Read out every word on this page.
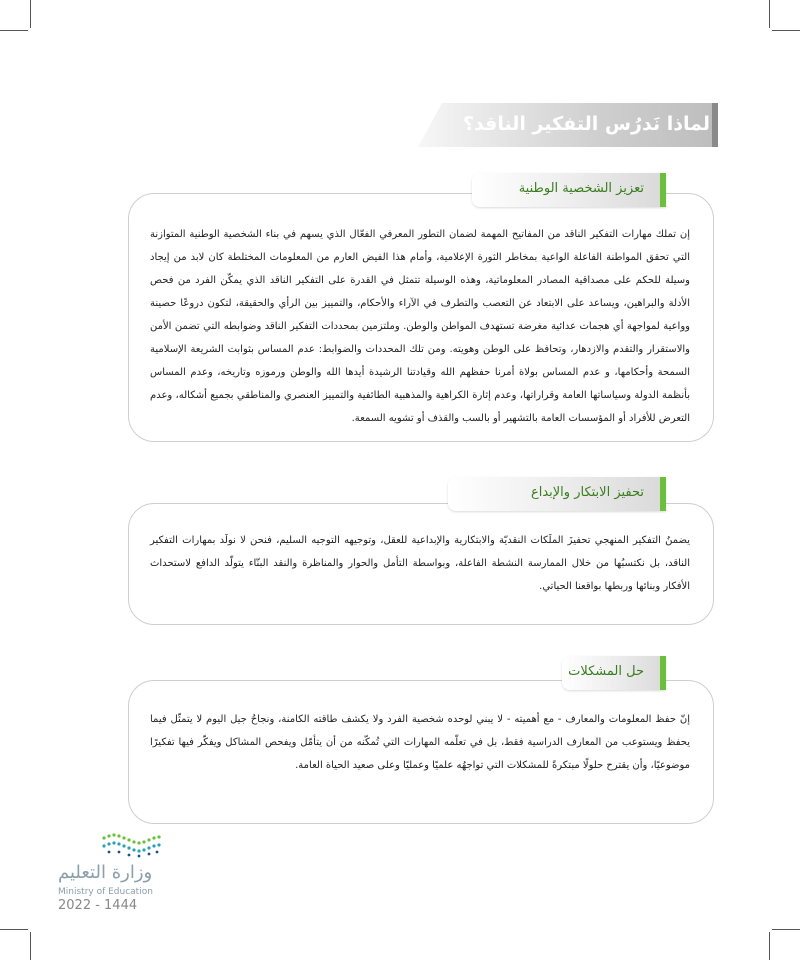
لماذا نَدرُس التفكير الناقد؟
تعزيز الشخصية الوطنية

إن تملك مهارات التفكير الناقد من المفاتيح المهمة لضمان التطور المعرفي الفعّال الذي يسهم في بناء الشخصية الوطنية المتوازنة التي تحقق المواطنة الفاعلة الواعية بمخاطر الثورة الإعلامية، وأمام هذا الفيض العارم من المعلومات المختلطة كان لابد من إيجاد وسيلة للحكم على مصداقية المصادر المعلوماتية، وهذه الوسيلة تتمثل في القدرة على التفكير الناقد الذي يمكّن الفرد من فحص الأدلة والبراهين، ويساعد على الابتعاد عن التعصب والتطرف في الآراء والأحكام، والتمييز بين الرأي والحقيقة، لتكون دروعًا حصينة وواعية لمواجهة أي هجمات عدائية مغرضة تستهدف المواطن والوطن. وملتزمين بمحددات التفكير الناقد وضوابطه التي تضمن الأمن والاستقرار والتقدم والازدهار، وتحافظ على الوطن وهويته. ومن تلك المحددات والضوابط: عدم المساس بثوابت الشريعة الإسلامية السمحة وأحكامها، و عدم المساس بولاة أمرنا حفظهم الله وقيادتنا الرشيدة أيدها الله والوطن ورموزه وتاريخه، وعدم المساس بأنظمة الدولة وسياساتها العامة وقراراتها، وعدم إثارة الكراهية والمذهبية الطائفية والتمييز العنصري والمناطقي بجميع أشكاله، وعدم التعرض للأفراد أو المؤسسات العامة بالتشهير أو بالسب والقذف أو تشويه السمعة.

تحفيز الابتكار والإبداع

يضمنُ التفكير المنهجي تحفيزَ الملَكات النقديّة والابتكارية والإبداعية للعقل، وتوجيهه التوجيه السليم، فنحن لا نولَد بمهارات التفكير الناقد، بل نكتسبُها من خلال الممارسة النشطة الفاعلة، وبواسطة التأمل والحوار والمناظرة والنقد البنّاء يتولّد الدافع لاستحداث الأفكار وبنائها وربطها بواقعنا الحياتي.

حل المشكلات

إنّ حفظ المعلومات والمعارف - مع أهميته - لا يبني لوحده شخصية الفرد ولا يكشف طاقته الكامنة، ونجاحُ جيل اليوم لا يتمثّل فيما يحفظ ويستوعب من المعارف الدراسية فقط، بل في تعلّمه المهارات التي تُمكّنه من أن يتأمّل ويفحص المشاكل ويفكّر فيها تفكيرًا موضوعيًا، وأن يقترح حلولًا مبتكرةً للمشكلات التي تواجهُه علميًا وعمليًا وعلى صعيد الحياة العامة.

وزارة التعليم
Ministry of Education
2022 - 1444
